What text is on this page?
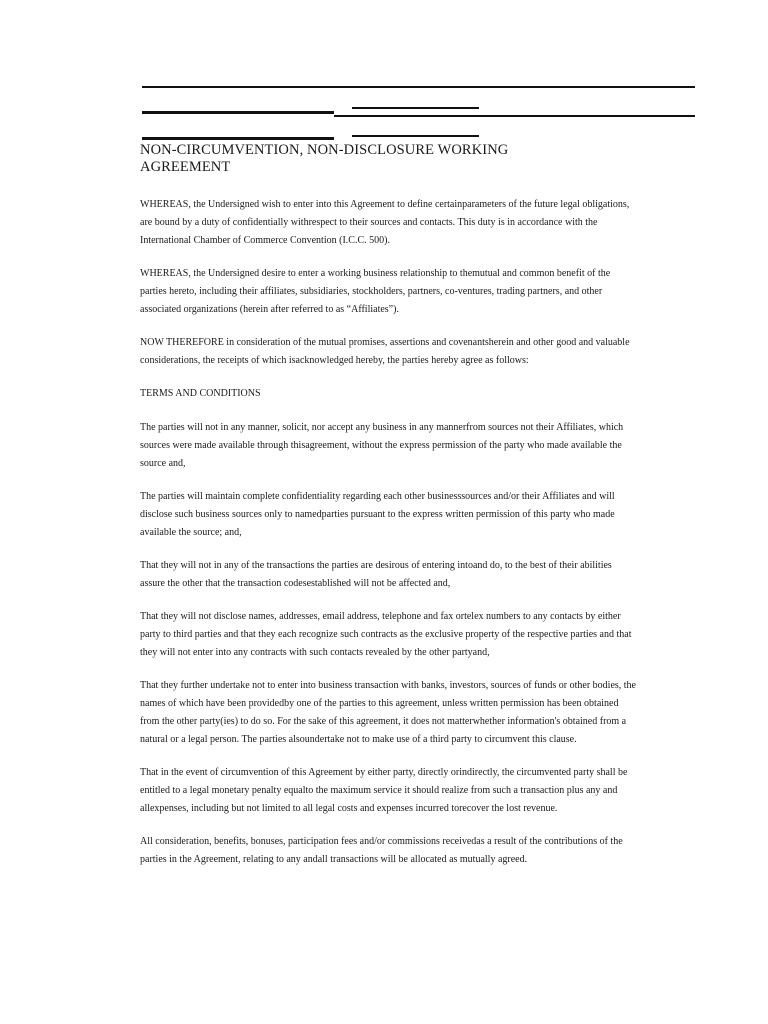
NON-CIRCUMVENTION, NON-DISCLOSURE WORKING
AGREEMENT

WHEREAS, the Undersigned wish to enter into this Agreement to define certainparameters of the future legal obligations, are bound by a duty of confidentially withrespect to their sources and contacts. This duty is in accordance with the International Chamber of Commerce Convention (I.C.C. 500).

WHEREAS, the Undersigned desire to enter a working business relationship to themutual and common benefit of the parties hereto, including their affiliates, subsidiaries, stockholders, partners, co-ventures, trading partners, and other associated organizations (herein after referred to as “Affiliates”).

NOW THEREFORE in consideration of the mutual promises, assertions and covenantsherein and other good and valuable considerations, the receipts of which isacknowledged hereby, the parties hereby agree as follows:

TERMS AND CONDITIONS

The parties will not in any manner, solicit, nor accept any business in any mannerfrom sources not their Affiliates, which sources were made available through thisagreement, without the express permission of the party who made available the source and,

The parties will maintain complete confidentiality regarding each other businesssources and/or their Affiliates and will disclose such business sources only to namedparties pursuant to the express written permission of this party who made available the source; and,

That they will not in any of the transactions the parties are desirous of entering intoand do, to the best of their abilities assure the other that the transaction codesestablished will not be affected and,

That they will not disclose names, addresses, email address, telephone and fax ortelex numbers to any contacts by either party to third parties and that they each recognize such contracts as the exclusive property of the respective parties and that they will not enter into any contracts with such contacts revealed by the other partyand,

That they further undertake not to enter into business transaction with banks, investors, sources of funds or other bodies, the names of which have been providedby one of the parties to this agreement, unless written permission has been obtained from the other party(ies) to do so. For the sake of this agreement, it does not matterwhether information's obtained from a natural or a legal person. The parties alsoundertake not to make use of a third party to circumvent this clause.

That in the event of circumvention of this Agreement by either party, directly orindirectly, the circumvented party shall be entitled to a legal monetary penalty equalto the maximum service it should realize from such a transaction plus any and allexpenses, including but not limited to all legal costs and expenses incurred torecover the lost revenue.

All consideration, benefits, bonuses, participation fees and/or commissions receivedas a result of the contributions of the parties in the Agreement, relating to any andall transactions will be allocated as mutually agreed.
